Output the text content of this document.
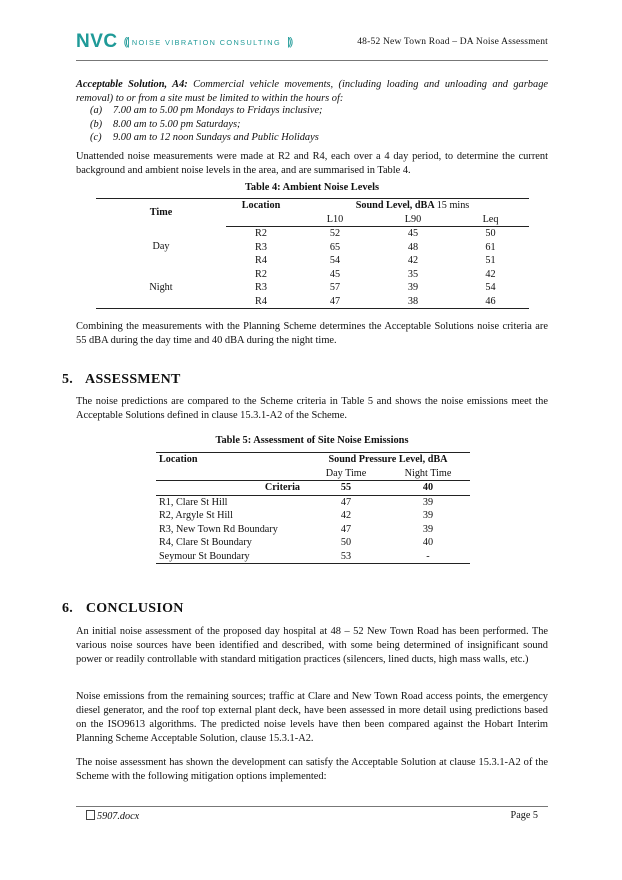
NVC ((| NOISE VIBRATION CONSULTING |))	48-52 New Town Road – DA Noise Assessment

Acceptable Solution, A4: Commercial vehicle movements, (including loading and unloading and garbage removal) to or from a site must be limited to within the hours of:

(a)	7.00 am to 5.00 pm Mondays to Fridays inclusive;
(b)	8.00 am to 5.00 pm Saturdays;
(c)	9.00 am to 12 noon Sundays and Public Holidays

Unattended noise measurements were made at R2 and R4, each over a 4 day period, to determine the current background and ambient noise levels in the area, and are summarised in Table 4.

Table 4: Ambient Noise Levels

Time	Location	Sound Level, dBA 15 mins		
		L10	L90	Leq
Day	R2	52	45	50
	R3	65	48	61
	R4	54	42	51
Night	R2	45	35	42
	R3	57	39	54
	R4	47	38	46

Combining the measurements with the Planning Scheme determines the Acceptable Solutions noise criteria are 55 dBA during the day time and 40 dBA during the night time.

5. ASSESSMENT

The noise predictions are compared to the Scheme criteria in Table 5 and shows the noise emissions meet the Acceptable Solutions defined in clause 15.3.1-A2 of the Scheme.

Table 5: Assessment of Site Noise Emissions

Location	Sound Pressure Level, dBA	
	Day Time	Night Time
Criteria	55	40
R1, Clare St Hill	47	39
R2, Argyle St Hill	42	39
R3, New Town Rd Boundary	47	39
R4, Clare St Boundary	50	40
Seymour St Boundary	53	-
6. CONCLUSION

An initial noise assessment of the proposed day hospital at 48 – 52 New Town Road has been performed. The various noise sources have been identified and described, with some being determined of insignificant sound power or readily controllable with standard mitigation practices (silencers, lined ducts, high mass walls, etc.)

Noise emissions from the remaining sources; traffic at Clare and New Town Road access points, the emergency diesel generator, and the roof top external plant deck, have been assessed in more detail using predictions based on the ISO9613 algorithms. The predicted noise levels have then been compared against the Hobart Interim Planning Scheme Acceptable Solution, clause 15.3.1-A2.

The noise assessment has shown the development can satisfy the Acceptable Solution at clause 15.3.1-A2 of the Scheme with the following mitigation options implemented:

5907.docx	Page 5
